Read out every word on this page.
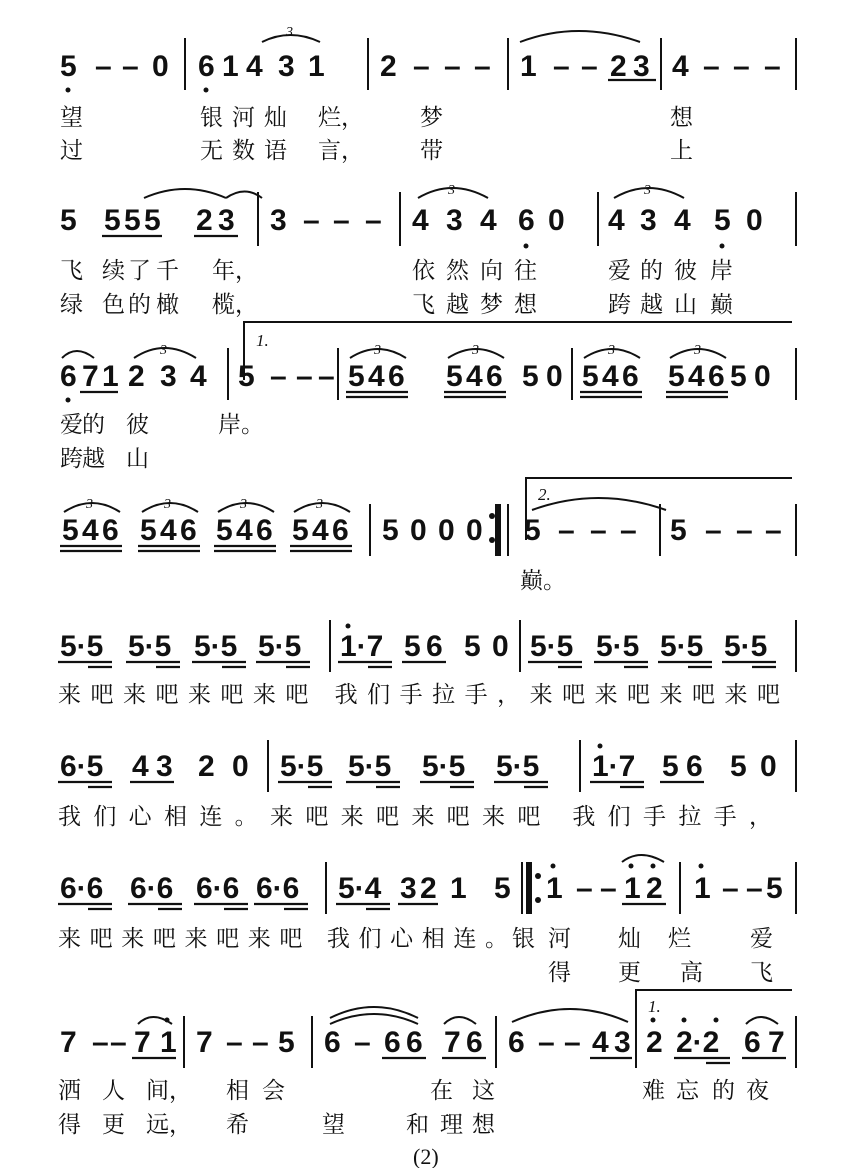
5 – – 0 6 1 4 3 1 2 – – – 1 – – 2 3 4 – – –
3
望	银 河 灿 烂， 梦	想
过	无 数 语 言， 带	上
5 5 5 5 2 3 3 – – – 4 3 4 6 0 4 3 4 5 0
3	3
飞 续 了 千 年，	依 然 向 往	爱 的 彼 岸
绿 色 的 橄 榄，	飞 越 梦 想	跨 越 山 巅
1.
6 7 1 2 3 4 5 – – – 5 4 6 5 4 6 5 0 5 4 6 5 4 6 5 0
3	3	3	3	3
爱 的 彼	岸。
跨 越 山
2.
5 4 6 5 4 6 5 4 6 5 4 6 5 0 0 0 5 – – – 5 – – –
3	3	3	3
巅。
5·5 5·5 5·5 5·5 1·7 5 6 5 0 5·5 5·5 5·5 5·5
来吧来吧来吧来吧 我们手拉手，来吧来吧来吧来吧
6·5 4 3 2 0 5·5 5·5 5·5 5·5 1·7 5 6 5 0
我们心相连。来吧来吧来吧来吧 我们手拉手，
6·6 6·6 6·6 6·6 5·4 3 2 1 5 1 – – 1 2 1 – – 5
来吧来吧来吧来吧 我们心相连。 银 河 灿 烂	爱
得 更 高 飞
1.
7 – – 7 1 7 – – 5 6 – 6 6 7 6 6 – – 4 3 2 2·2 6 7
洒 人 间， 相 会	在 这	难 忘 的 夜
得 更 远， 希	望	和 理 想
(2)
